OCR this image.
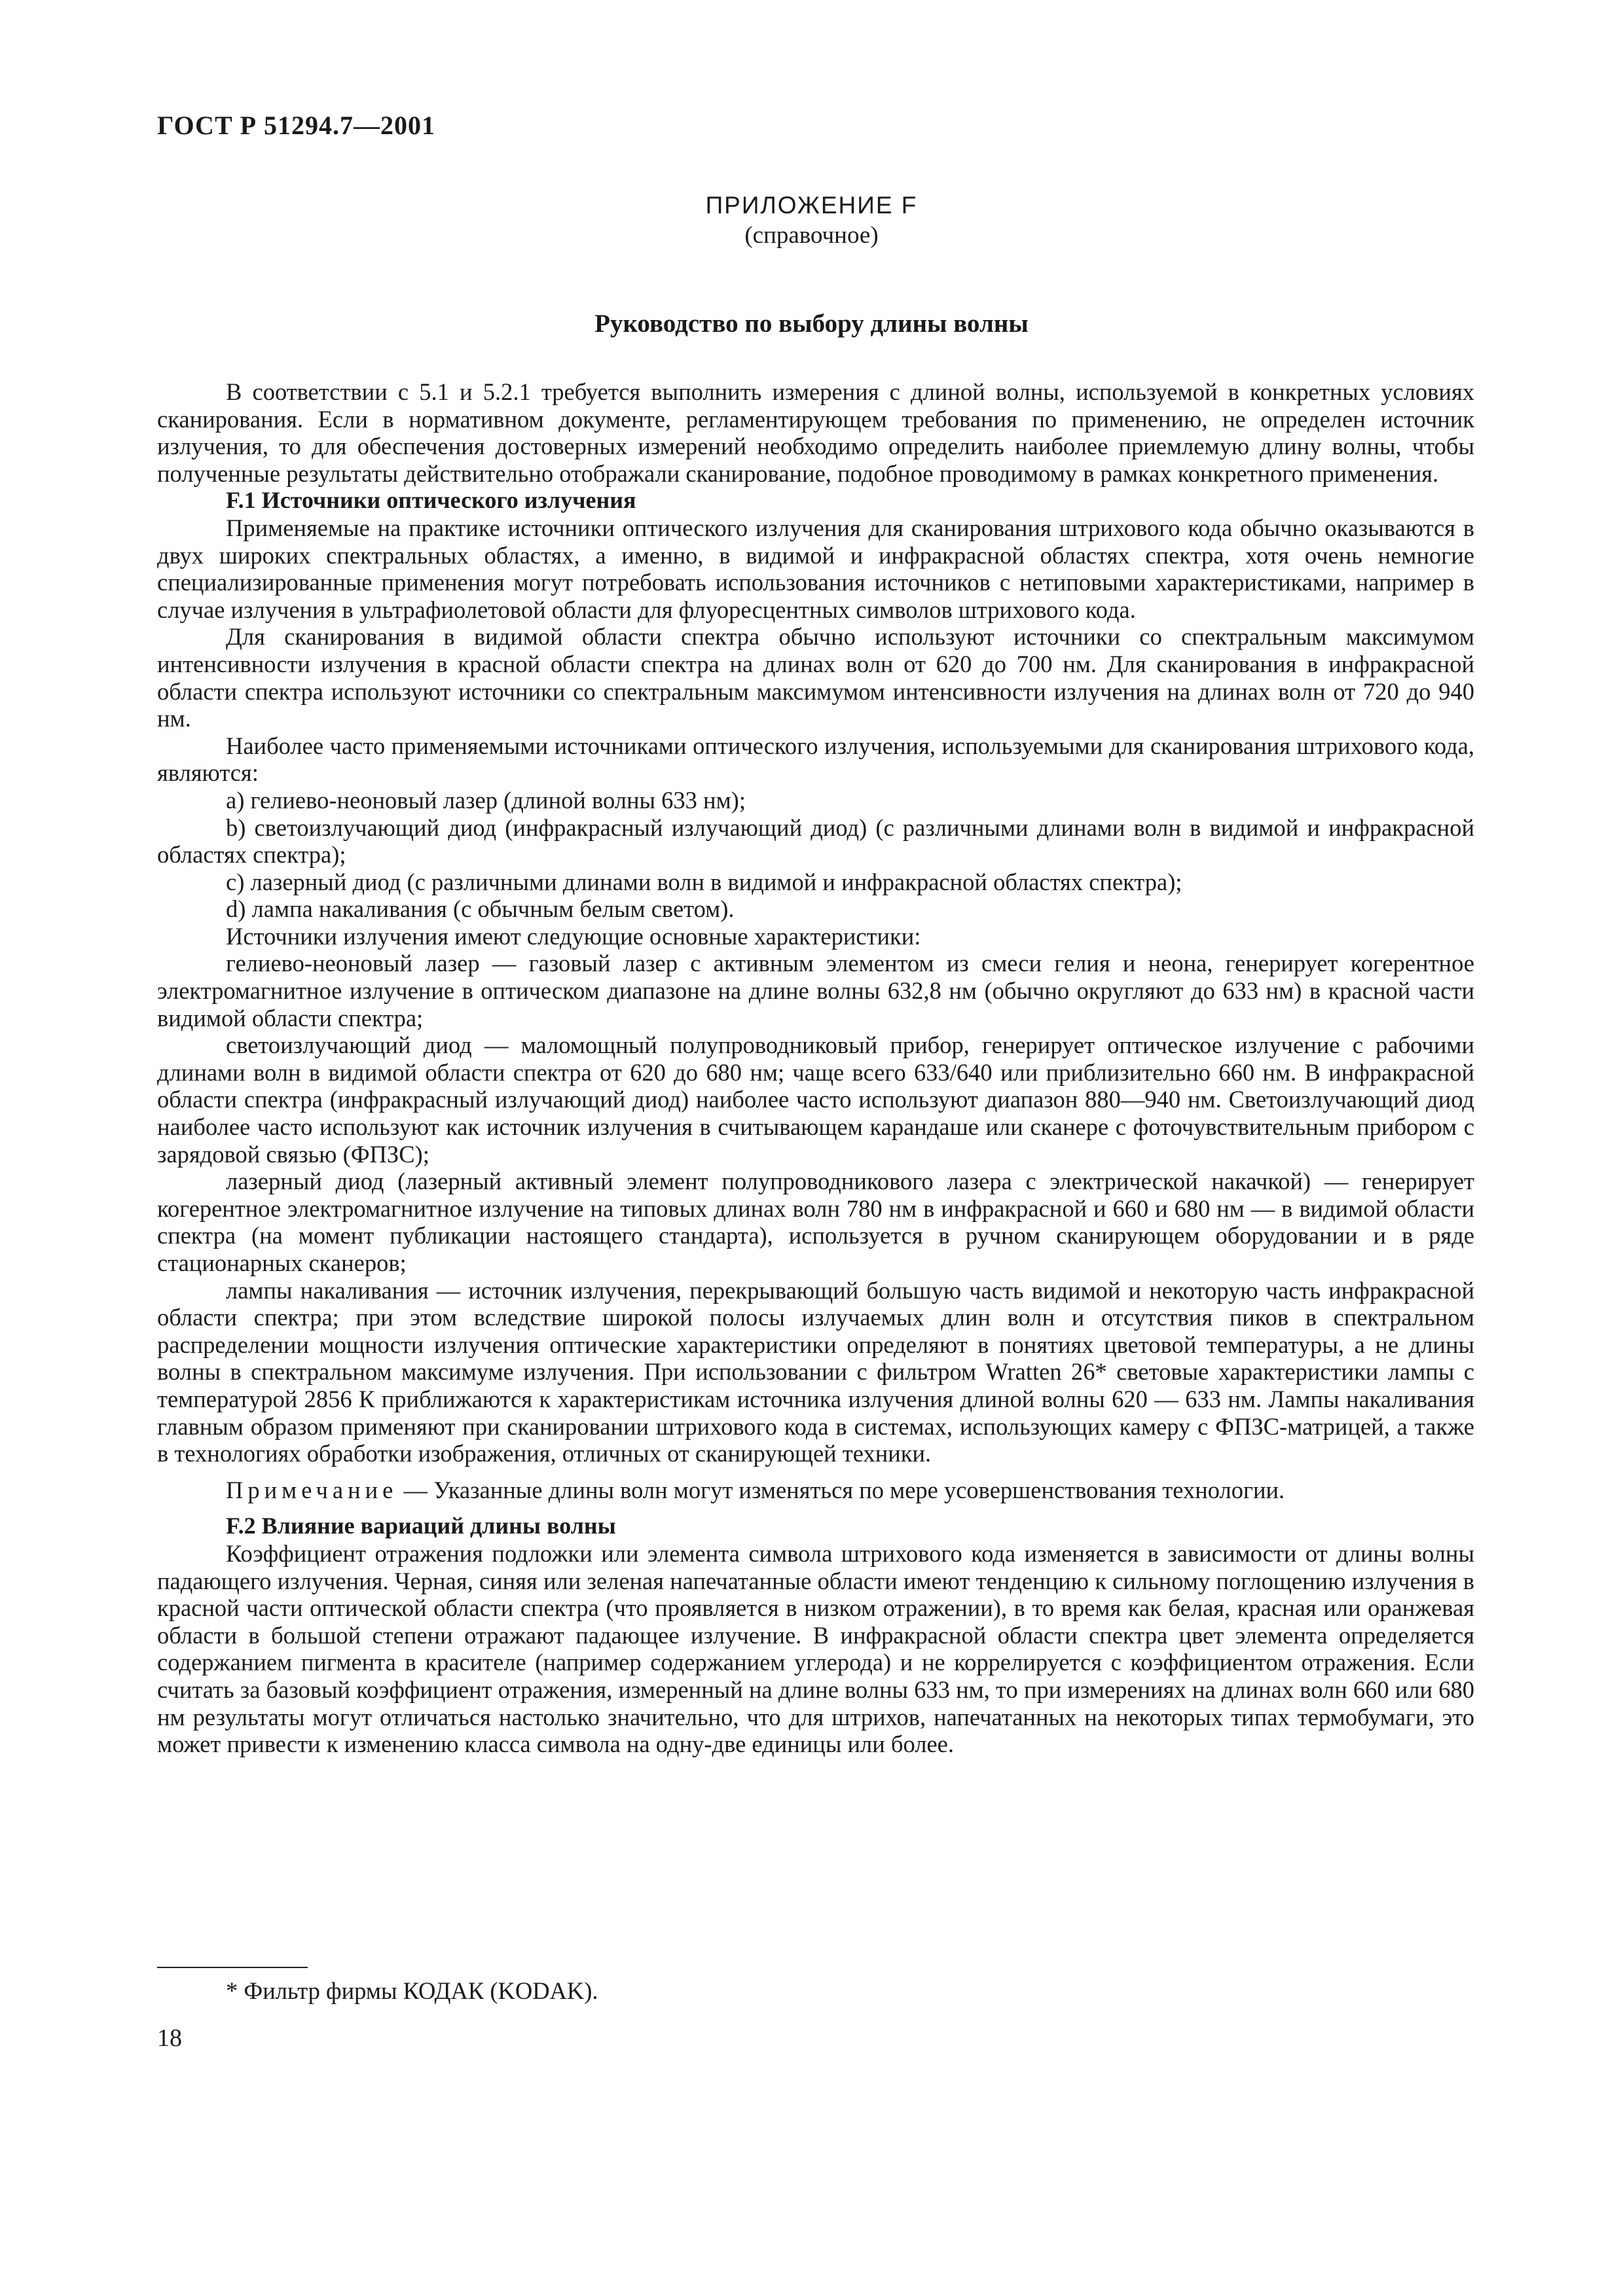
ГОСТ Р 51294.7—2001
ПРИЛОЖЕНИЕ F
(справочное)
Руководство по выбору длины волны

В соответствии с 5.1 и 5.2.1 требуется выполнить измерения с длиной волны, используемой в конкретных условиях сканирования. Если в нормативном документе, регламентирующем требования по применению, не определен источник излучения, то для обеспечения достоверных измерений необходимо определить наиболее приемлемую длину волны, чтобы полученные результаты действительно отображали сканирование, подобное проводимому в рамках конкретного применения.

F.1 Источники оптического излучения

Применяемые на практике источники оптического излучения для сканирования штрихового кода обычно оказываются в двух широких спектральных областях, а именно, в видимой и инфракрасной областях спектра, хотя очень немногие специализированные применения могут потребовать использования источников с нетиповыми характеристиками, например в случае излучения в ультрафиолетовой области для флуоресцентных символов штрихового кода.

Для сканирования в видимой области спектра обычно используют источники со спектральным максимумом интенсивности излучения в красной области спектра на длинах волн от 620 до 700 нм. Для сканирования в инфракрасной области спектра используют источники со спектральным максимумом интенсивности излучения на длинах волн от 720 до 940 нм.

Наиболее часто применяемыми источниками оптического излучения, используемыми для сканирования штрихового кода, являются:

a) гелиево-неоновый лазер (длиной волны 633 нм);

b) светоизлучающий диод (инфракрасный излучающий диод) (с различными длинами волн в видимой и инфракрасной областях спектра);

c) лазерный диод (с различными длинами волн в видимой и инфракрасной областях спектра);

d) лампа накаливания (с обычным белым светом).

Источники излучения имеют следующие основные характеристики:

гелиево-неоновый лазер — газовый лазер с активным элементом из смеси гелия и неона, генерирует когерентное электромагнитное излучение в оптическом диапазоне на длине волны 632,8 нм (обычно округляют до 633 нм) в красной части видимой области спектра;

светоизлучающий диод — маломощный полупроводниковый прибор, генерирует оптическое излучение с рабочими длинами волн в видимой области спектра от 620 до 680 нм; чаще всего 633/640 или приблизительно 660 нм. В инфракрасной области спектра (инфракрасный излучающий диод) наиболее часто используют диапазон 880—940 нм. Светоизлучающий диод наиболее часто используют как источник излучения в считывающем карандаше или сканере с фоточувствительным прибором с зарядовой связью (ФПЗС);

лазерный диод (лазерный активный элемент полупроводникового лазера с электрической накачкой) — генерирует когерентное электромагнитное излучение на типовых длинах волн 780 нм в инфракрасной и 660 и 680 нм — в видимой области спектра (на момент публикации настоящего стандарта), используется в ручном сканирующем оборудовании и в ряде стационарных сканеров;

лампы накаливания — источник излучения, перекрывающий большую часть видимой и некоторую часть инфракрасной области спектра; при этом вследствие широкой полосы излучаемых длин волн и отсутствия пиков в спектральном распределении мощности излучения оптические характеристики определяют в понятиях цветовой температуры, а не длины волны в спектральном максимуме излучения. При использовании с фильтром Wratten 26* световые характеристики лампы с температурой 2856 К приближаются к характеристикам источника излучения длиной волны 620 — 633 нм. Лампы накаливания главным образом применяют при сканировании штрихового кода в системах, использующих камеру с ФПЗС-матрицей, а также в технологиях обработки изображения, отличных от сканирующей техники.

Примечание — Указанные длины волн могут изменяться по мере усовершенствования технологии.

F.2 Влияние вариаций длины волны

Коэффициент отражения подложки или элемента символа штрихового кода изменяется в зависимости от длины волны падающего излучения. Черная, синяя или зеленая напечатанные области имеют тенденцию к сильному поглощению излучения в красной части оптической области спектра (что проявляется в низком отражении), в то время как белая, красная или оранжевая области в большой степени отражают падающее излучение. В инфракрасной области спектра цвет элемента определяется содержанием пигмента в красителе (например содержанием углерода) и не коррелируется с коэффициентом отражения. Если считать за базовый коэффициент отражения, измеренный на длине волны 633 нм, то при измерениях на длинах волн 660 или 680 нм результаты могут отличаться настолько значительно, что для штрихов, напечатанных на некоторых типах термобумаги, это может привести к изменению класса символа на одну-две единицы или более.

* Фильтр фирмы КОДАК (KODAK).
18
